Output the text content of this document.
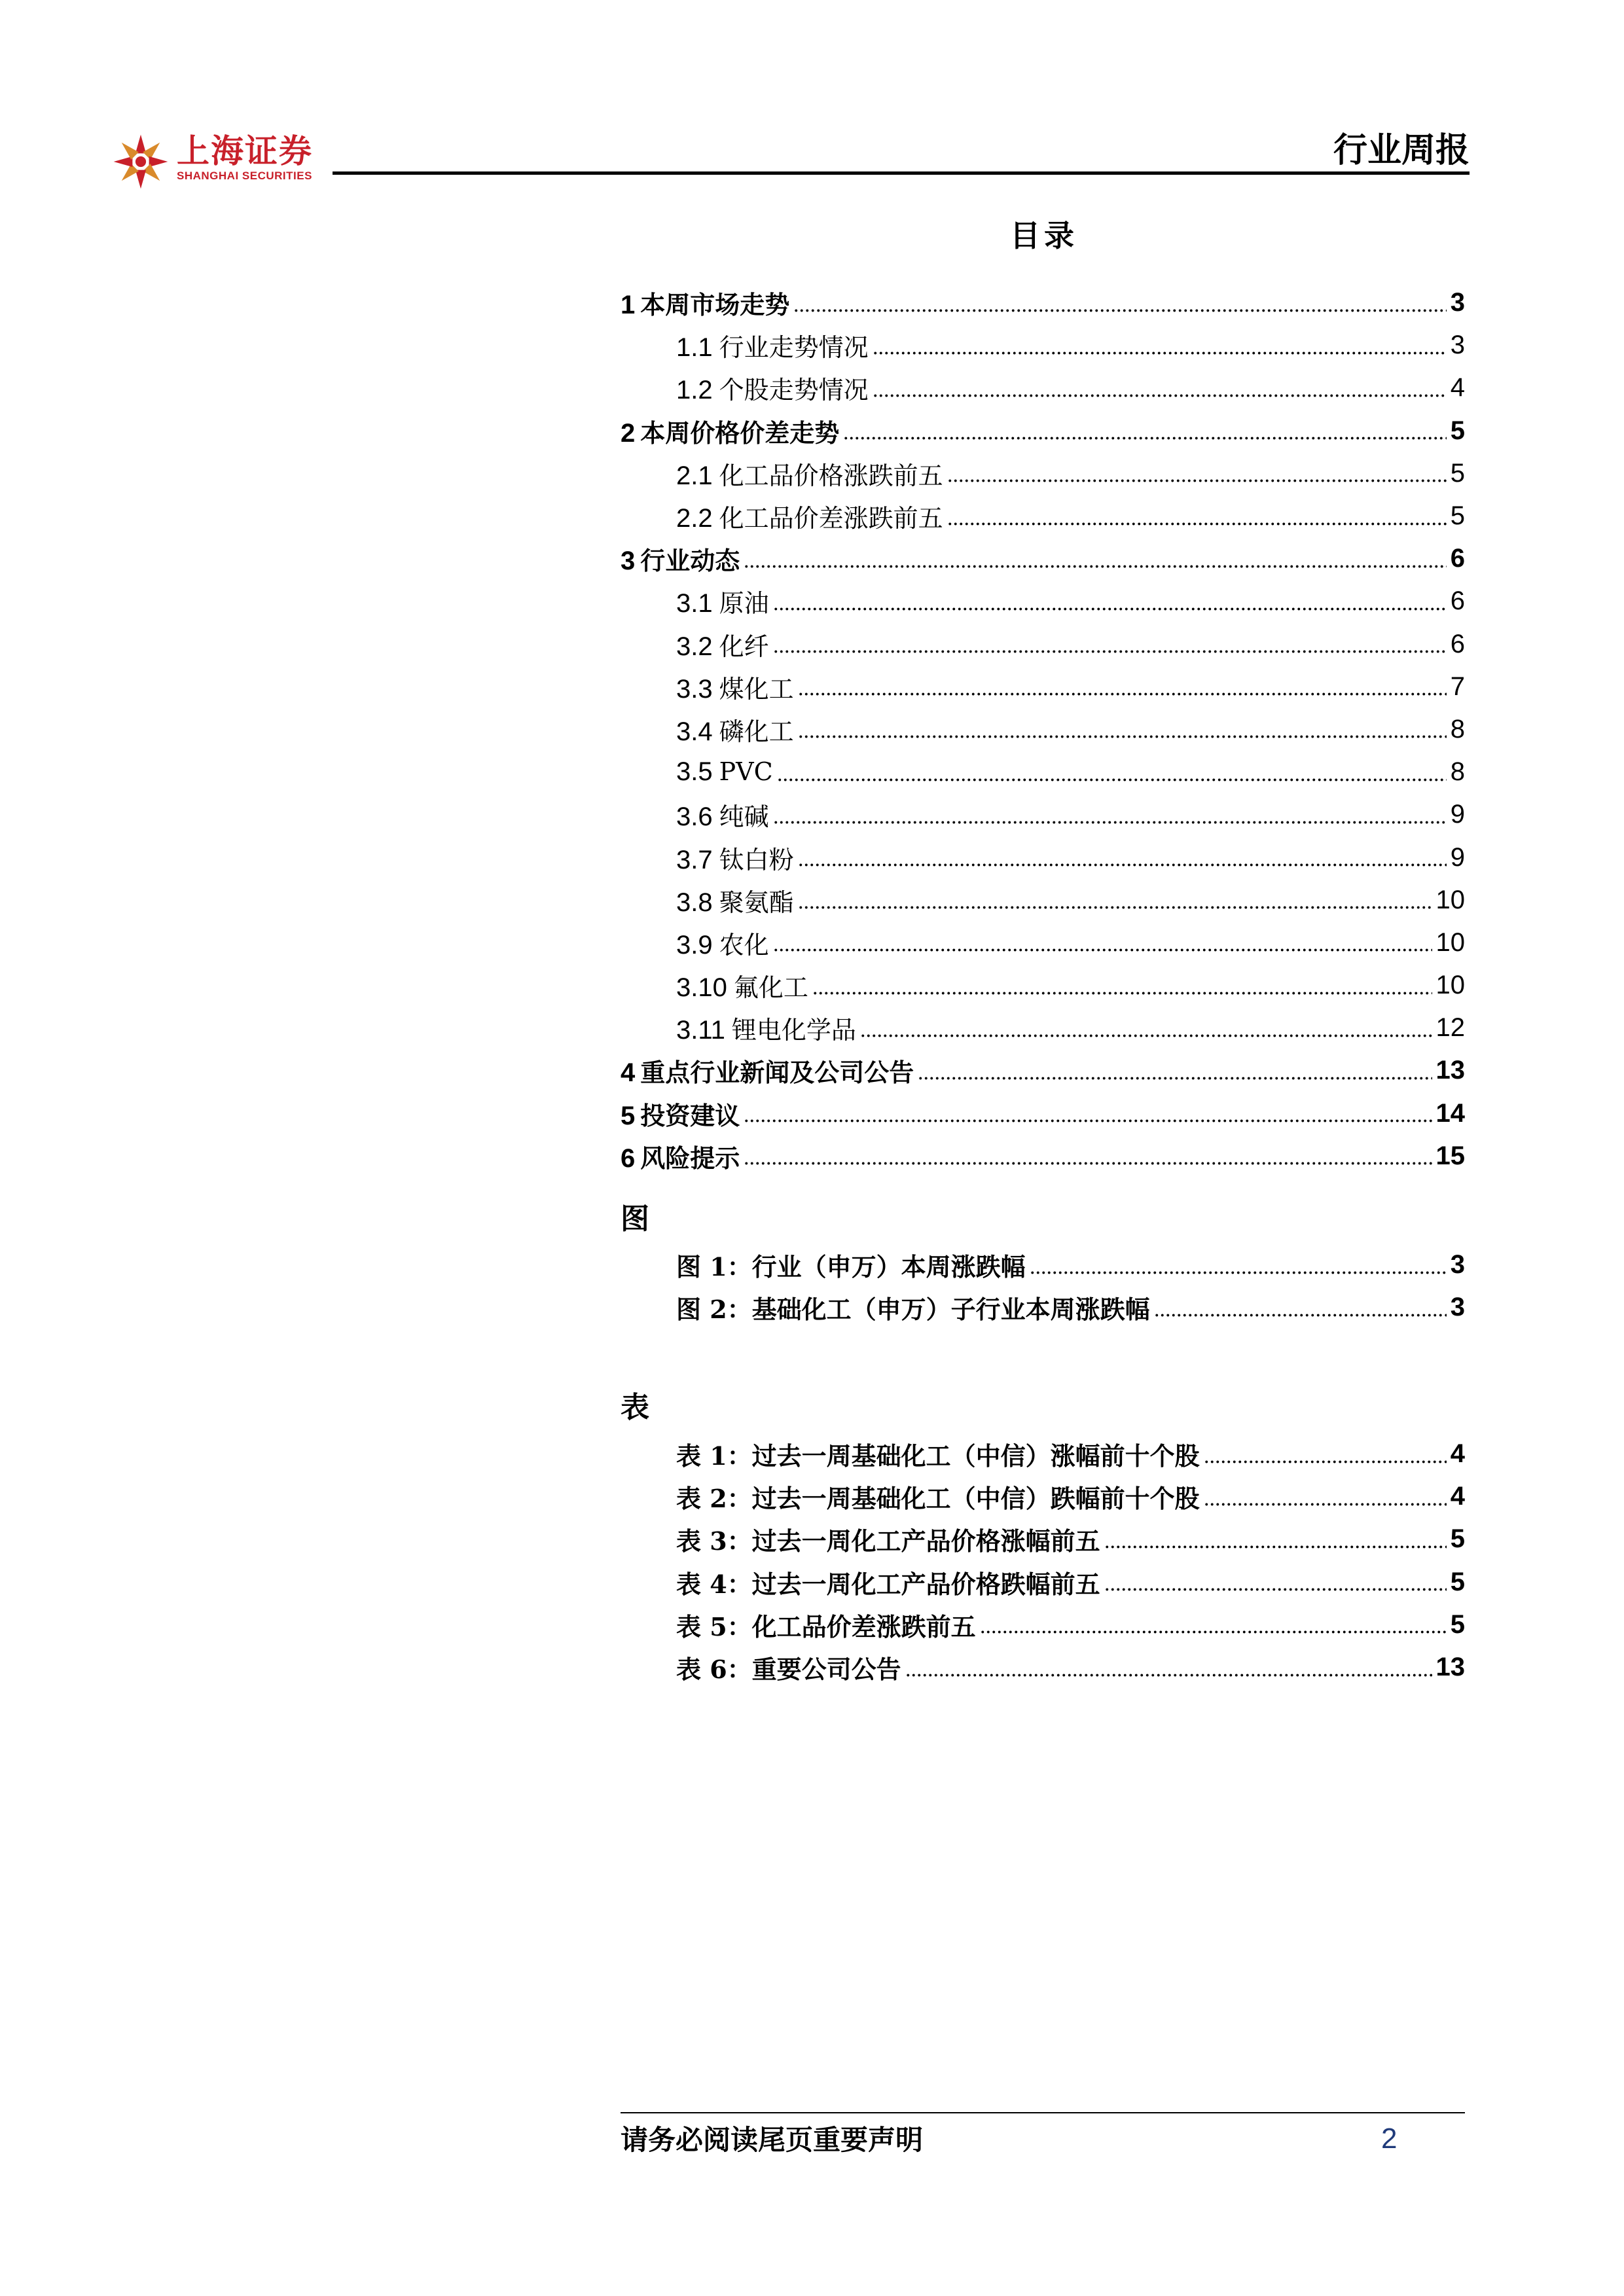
上海证券
SHANGHAI SECURITIES
行业周报
目录
1 本周市场走势	3
1.1 行业走势情况	3
1.2 个股走势情况	4
2 本周价格价差走势	5
2.1 化工品价格涨跌前五	5
2.2 化工品价差涨跌前五	5
3 行业动态	6
3.1 原油	6
3.2 化纤	6
3.3 煤化工	7
3.4 磷化工	8
3.5 PVC	8
3.6 纯碱	9
3.7 钛白粉	9
3.8 聚氨酯	10
3.9 农化	10
3.10 氟化工	10
3.11 锂电化学品	12
4 重点行业新闻及公司公告	13
5 投资建议	14
6 风险提示	15
图
图 1：行业（申万）本周涨跌幅	3
图 2：基础化工（申万）子行业本周涨跌幅	3
表
表 1：过去一周基础化工（中信）涨幅前十个股	4
表 2：过去一周基础化工（中信）跌幅前十个股	4
表 3：过去一周化工产品价格涨幅前五	5
表 4：过去一周化工产品价格跌幅前五	5
表 5：化工品价差涨跌前五	5
表 6：重要公司公告	13
请务必阅读尾页重要声明	2
